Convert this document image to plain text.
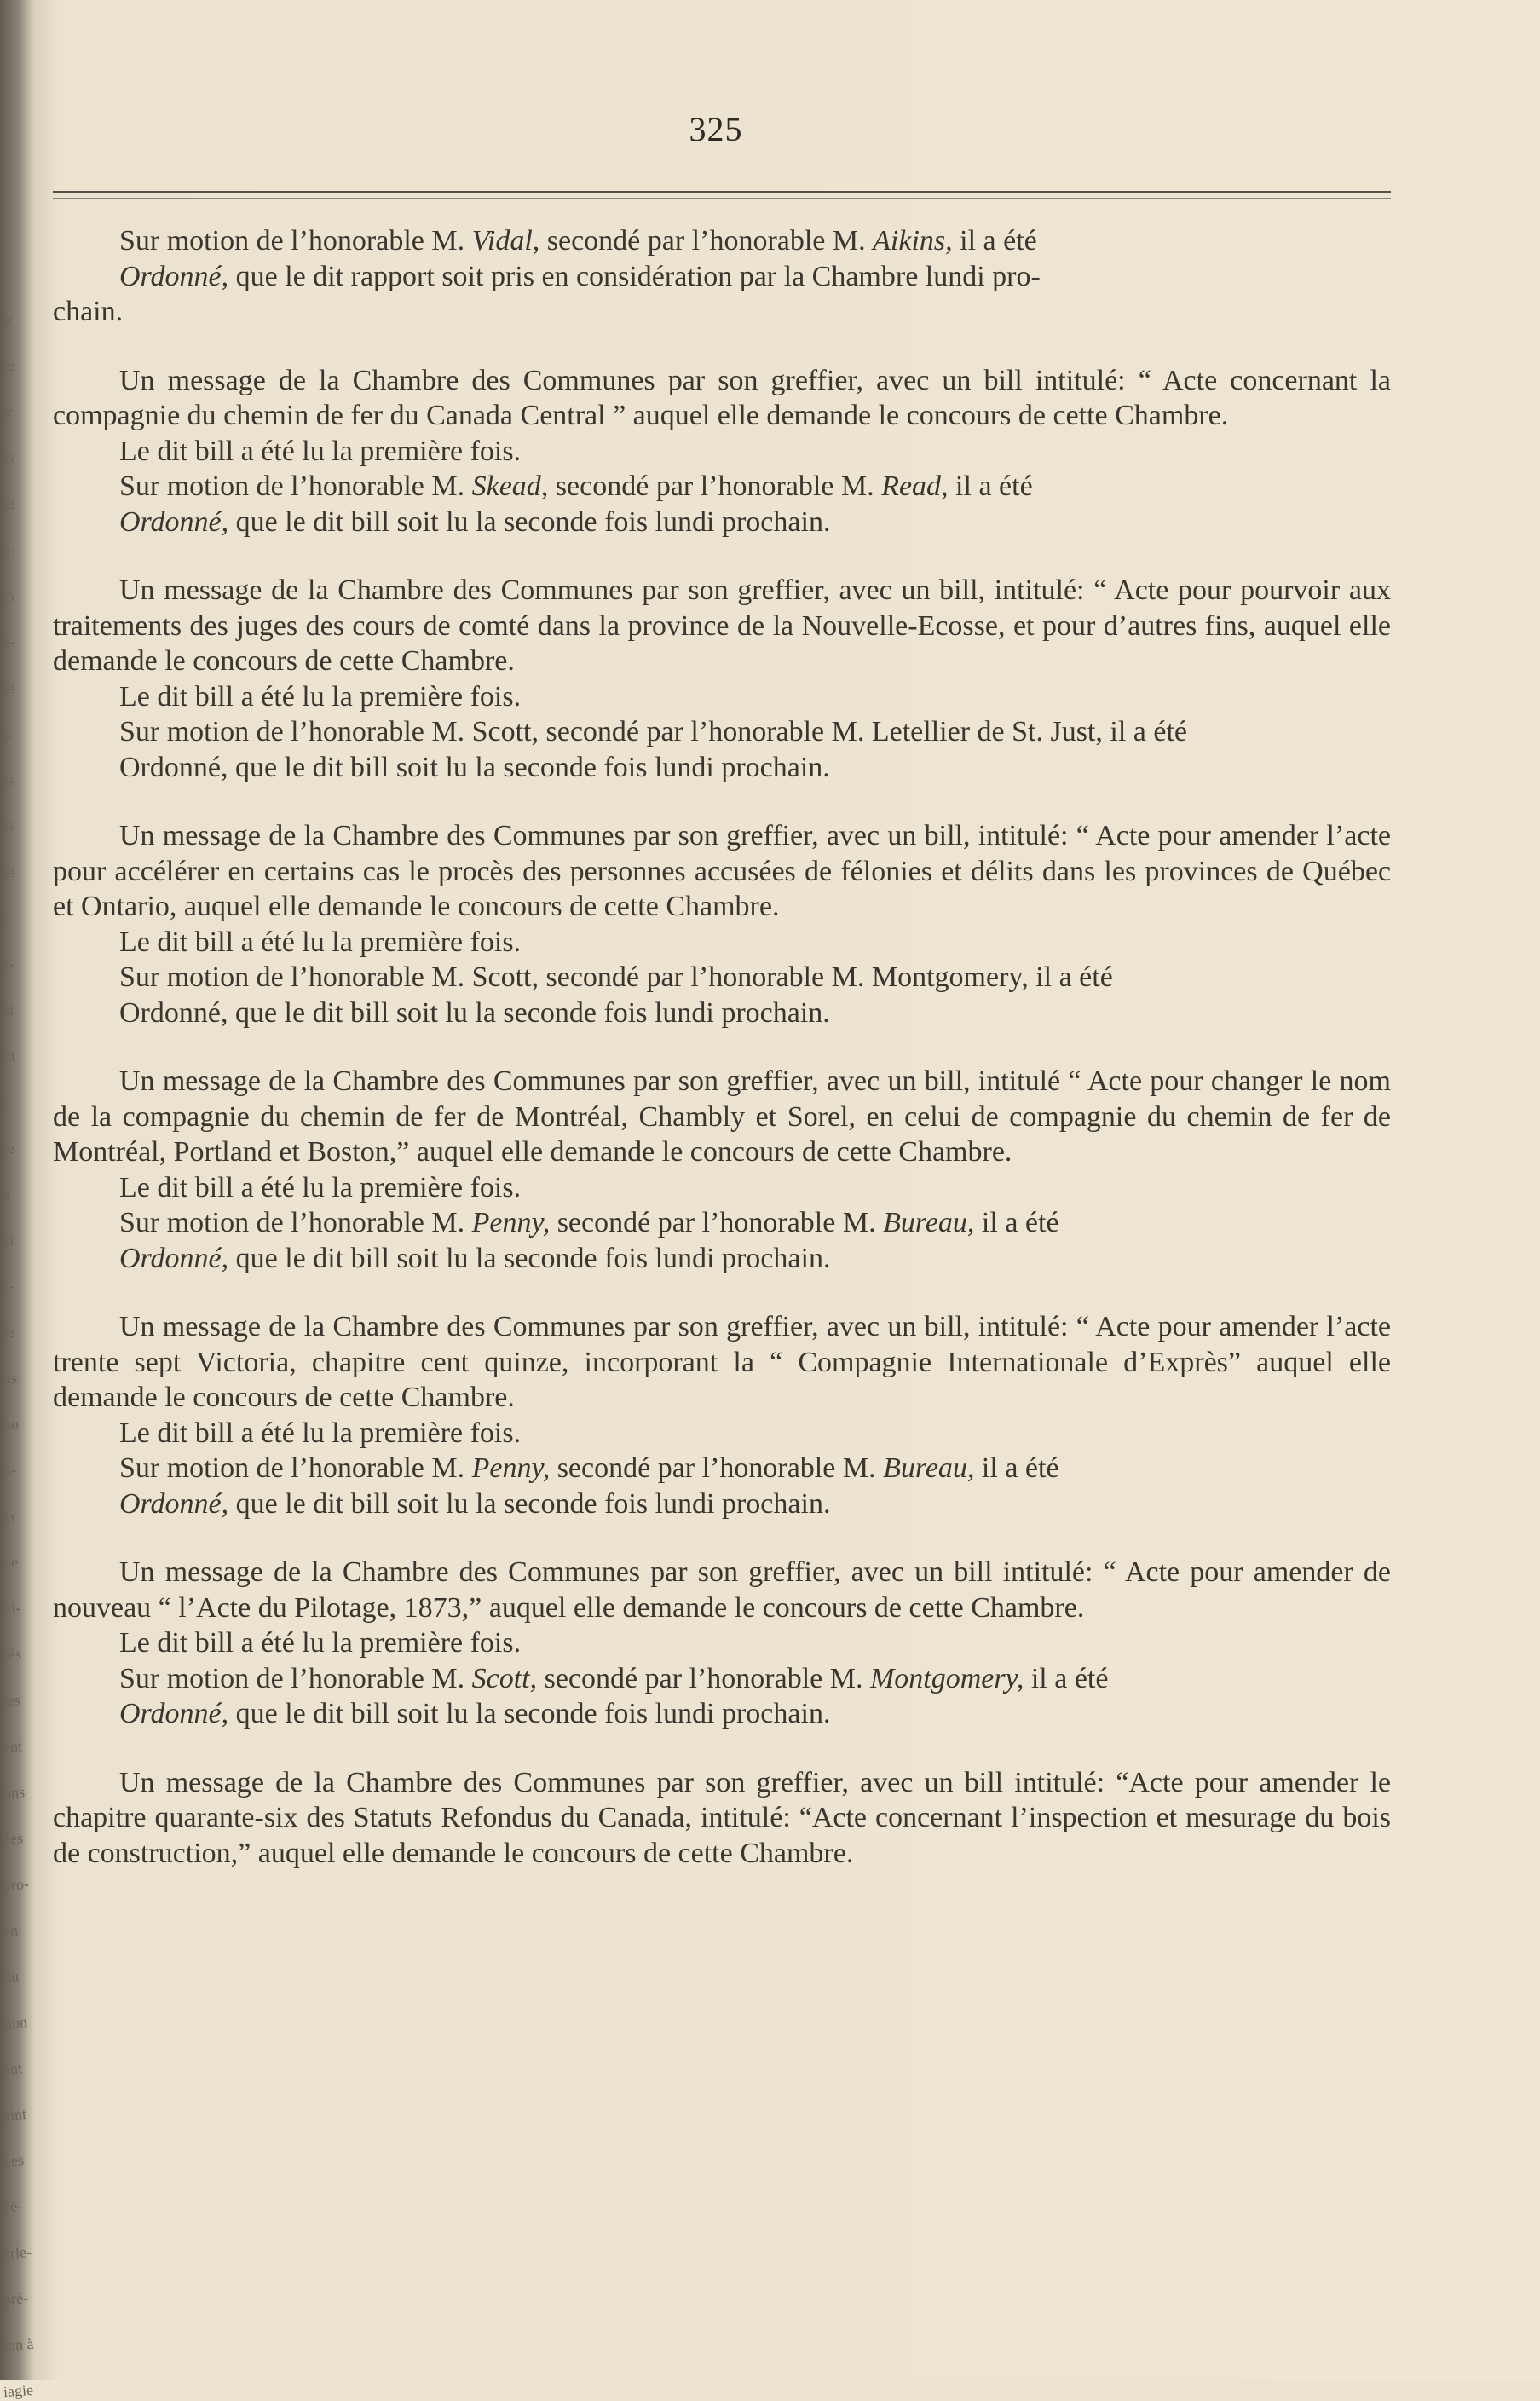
ir
le
ir
is
ie
e-
is
a-
le
u
is
ls
le
t.
r-
si
nt
t
te
a
si
r-
le
ns
ou
o-
la
ne
ui-
rés
les
ent
ons
ées
pro-
en
du
tion
ent
aint
nes
ï'é-
arle-
pré-
ion à
iagie
325

Sur motion de l’honorable M. Vidal, secondé par l’honorable M. Aikins, il a été

Ordonné, que le dit rapport soit pris en considération par la Chambre lundi pro-

chain.

Un message de la Chambre des Communes par son greffier, avec un bill intitulé: “ Acte concernant la compagnie du chemin de fer du Canada Central ” auquel elle demande le concours de cette Chambre.

Le dit bill a été lu la première fois.

Sur motion de l’honorable M. Skead, secondé par l’honorable M. Read, il a été

Ordonné, que le dit bill soit lu la seconde fois lundi prochain.

Un message de la Chambre des Communes par son greffier, avec un bill, intitulé: “ Acte pour pourvoir aux traitements des juges des cours de comté dans la province de la Nouvelle-Ecosse, et pour d’autres fins, auquel elle demande le concours de cette Chambre.

Le dit bill a été lu la première fois.

Sur motion de l’honorable M. Scott, secondé par l’honorable M. Letellier de St. Just, il a été

Ordonné, que le dit bill soit lu la seconde fois lundi prochain.

Un message de la Chambre des Communes par son greffier, avec un bill, intitulé: “ Acte pour amender l’acte pour accélérer en certains cas le procès des personnes accusées de félonies et délits dans les provinces de Québec et Ontario, auquel elle demande le concours de cette Chambre.

Le dit bill a été lu la première fois.

Sur motion de l’honorable M. Scott, secondé par l’honorable M. Montgomery, il a été

Ordonné, que le dit bill soit lu la seconde fois lundi prochain.

Un message de la Chambre des Communes par son greffier, avec un bill, intitulé “ Acte pour changer le nom de la compagnie du chemin de fer de Montréal, Chambly et Sorel, en celui de compagnie du chemin de fer de Montréal, Portland et Boston,” auquel elle demande le concours de cette Chambre.

Le dit bill a été lu la première fois.

Sur motion de l’honorable M. Penny, secondé par l’honorable M. Bureau, il a été

Ordonné, que le dit bill soit lu la seconde fois lundi prochain.

Un message de la Chambre des Communes par son greffier, avec un bill, intitulé: “ Acte pour amender l’acte trente sept Victoria, chapitre cent quinze, incorporant la “ Compagnie Internationale d’Exprès” auquel elle demande le concours de cette Chambre.

Le dit bill a été lu la première fois.

Sur motion de l’honorable M. Penny, secondé par l’honorable M. Bureau, il a été

Ordonné, que le dit bill soit lu la seconde fois lundi prochain.

Un message de la Chambre des Communes par son greffier, avec un bill intitulé: “ Acte pour amender de nouveau “ l’Acte du Pilotage, 1873,” auquel elle demande le concours de cette Chambre.

Le dit bill a été lu la première fois.

Sur motion de l’honorable M. Scott, secondé par l’honorable M. Montgomery, il a été

Ordonné, que le dit bill soit lu la seconde fois lundi prochain.

Un message de la Chambre des Communes par son greffier, avec un bill intitulé: “Acte pour amender le chapitre quarante-six des Statuts Refondus du Canada, intitulé: “Acte concernant l’inspection et mesurage du bois de construction,” auquel elle demande le concours de cette Chambre.
